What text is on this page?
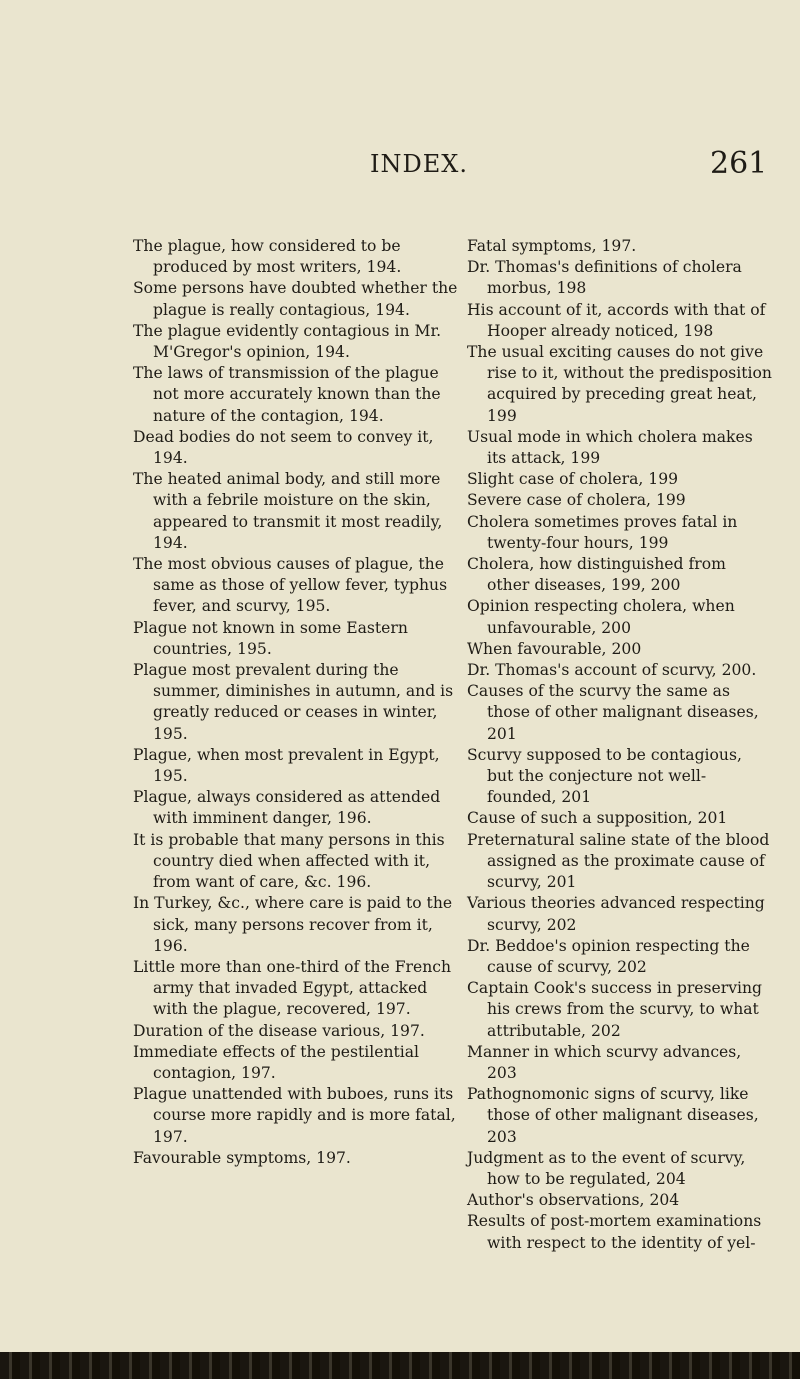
INDEX.	261

The plague, how considered to be produced by most writers, 194.

Some persons have doubted whether the plague is really contagious, 194.

The plague evidently contagious in Mr. M'Gregor's opinion, 194.

The laws of transmission of the plague not more accurately known than the nature of the contagion, 194.

Dead bodies do not seem to convey it, 194.

The heated animal body, and still more with a febrile moisture on the skin, appeared to transmit it most readily, 194.

The most obvious causes of plague, the same as those of yellow fever, typhus fever, and scurvy, 195.

Plague not known in some Eastern countries, 195.

Plague most prevalent during the summer, diminishes in autumn, and is greatly reduced or ceases in winter, 195.

Plague, when most prevalent in Egypt, 195.

Plague, always considered as attended with imminent danger, 196.

It is probable that many persons in this country died when affected with it, from want of care, &c. 196.

In Turkey, &c., where care is paid to the sick, many persons recover from it, 196.

Little more than one-third of the French army that invaded Egypt, attacked with the plague, recovered, 197.

Duration of the disease various, 197.

Immediate effects of the pestilential contagion, 197.

Plague unattended with buboes, runs its course more rapidly and is more fatal, 197.

Favourable symptoms, 197.

Fatal symptoms, 197.

Dr. Thomas's definitions of cholera morbus, 198

His account of it, accords with that of Hooper already noticed, 198

The usual exciting causes do not give rise to it, without the predisposition acquired by preceding great heat, 199

Usual mode in which cholera makes its attack, 199

Slight case of cholera, 199

Severe case of cholera, 199

Cholera sometimes proves fatal in twenty-four hours, 199

Cholera, how distinguished from other diseases, 199, 200

Opinion respecting cholera, when unfavourable, 200

When favourable, 200

Dr. Thomas's account of scurvy, 200.

Causes of the scurvy the same as those of other malignant diseases, 201

Scurvy supposed to be contagious, but the conjecture not well-founded, 201

Cause of such a supposition, 201

Preternatural saline state of the blood assigned as the proximate cause of scurvy, 201

Various theories advanced respecting scurvy, 202

Dr. Beddoe's opinion respecting the cause of scurvy, 202

Captain Cook's success in preserving his crews from the scurvy, to what attributable, 202

Manner in which scurvy advances, 203

Pathognomonic signs of scurvy, like those of other malignant diseases, 203

Judgment as to the event of scurvy, how to be regulated, 204

Author's observations, 204

Results of post-mortem examinations with respect to the identity of yel-
